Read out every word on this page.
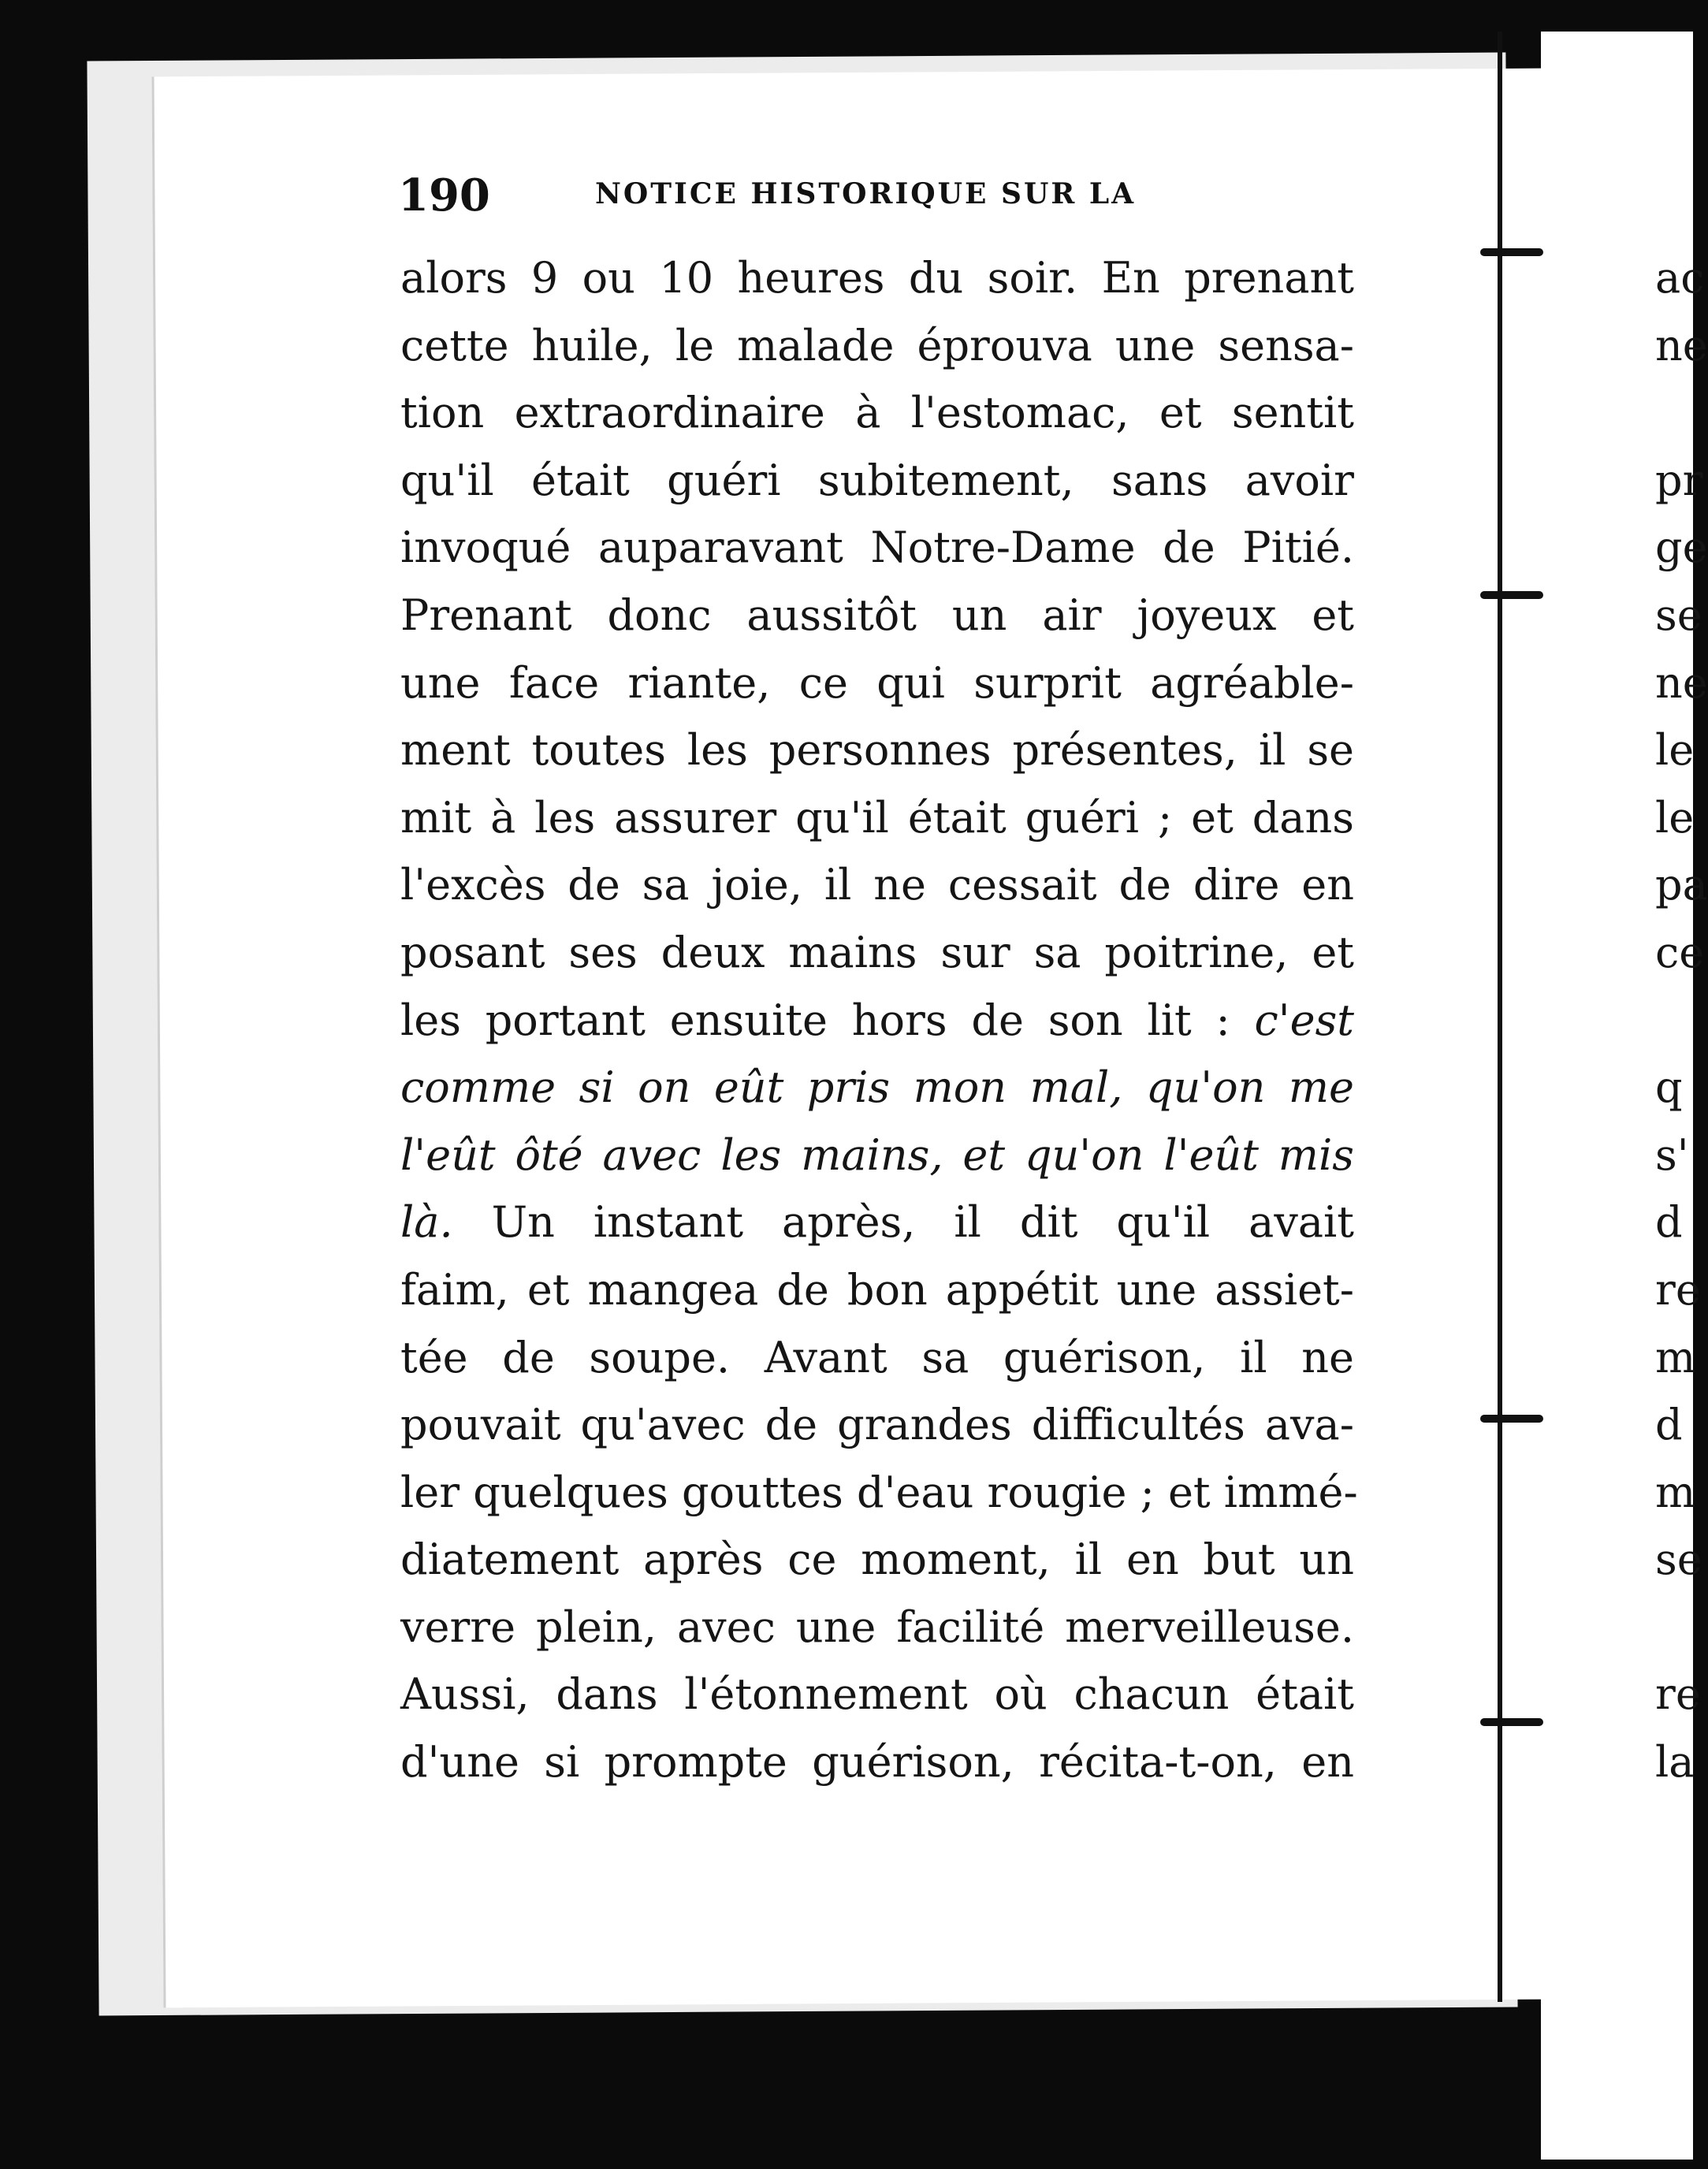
190	NOTICE HISTORIQUE SUR LA
alors 9 ou 10 heures du soir. En prenant
cette huile, le malade éprouva une sensa-
tion extraordinaire à l'estomac, et sentit
qu'il était guéri subitement, sans avoir
invoqué auparavant Notre-Dame de Pitié.
Prenant donc aussitôt un air joyeux et
une face riante, ce qui surprit agréable-
ment toutes les personnes présentes, il se
mit à les assurer qu'il était guéri ; et dans
l'excès de sa joie, il ne cessait de dire en
posant ses deux mains sur sa poitrine, et
les portant ensuite hors de son lit : c'est
comme si on eût pris mon mal, qu'on me
l'eût ôté avec les mains, et qu'on l'eût mis
là. Un instant après, il dit qu'il avait
faim, et mangea de bon appétit une assiet-
tée de soupe. Avant sa guérison, il ne
pouvait qu'avec de grandes difficultés ava-
ler quelques gouttes d'eau rougie ; et immé-
diatement après ce moment, il en but un
verre plein, avec une facilité merveilleuse.
Aussi, dans l'étonnement où chacun était
d'une si prompte guérison, récita-t-on, en
ac
ne
pr
ge
se
ne
le
le
pa
ce
q
s'
d
re
m
d
m
se
re
la
